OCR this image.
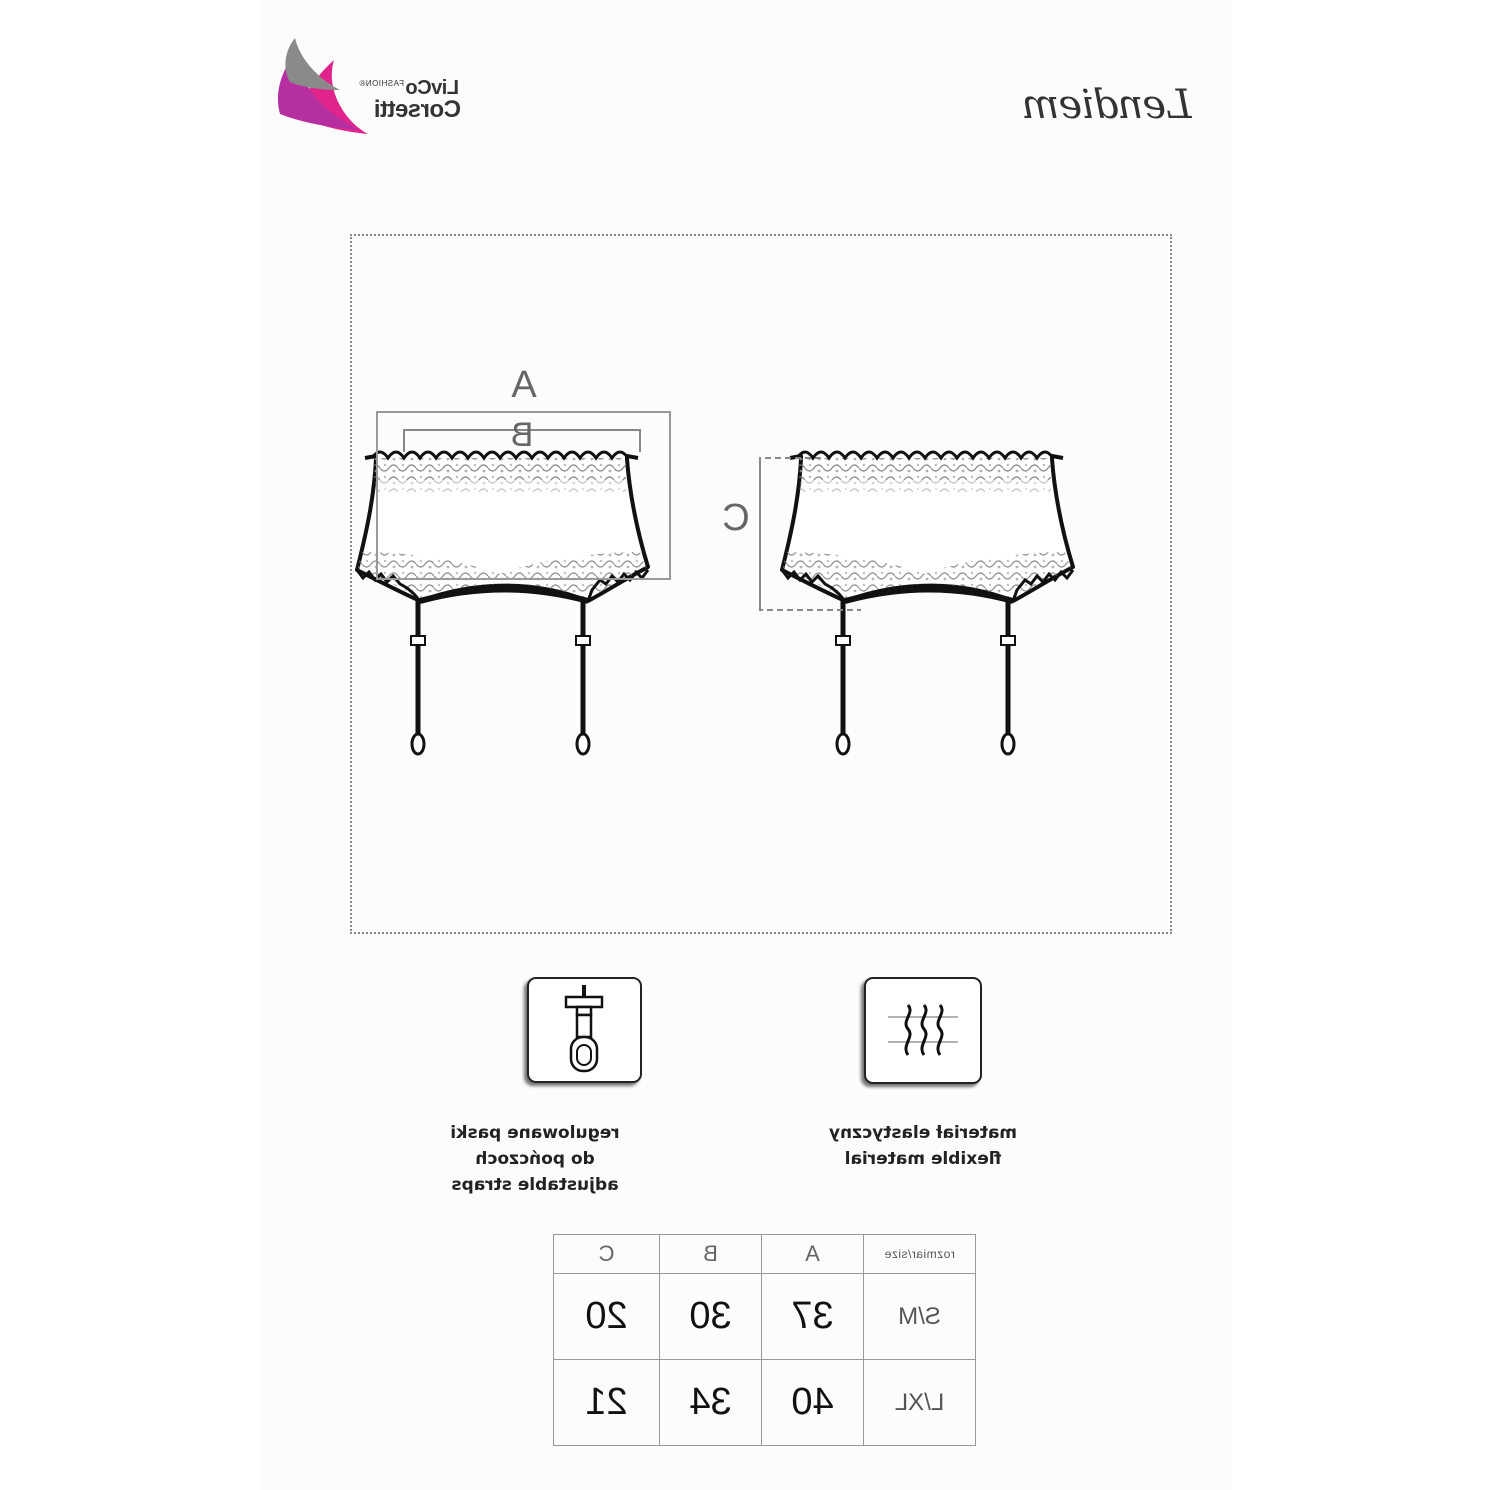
Lendiem
LivCo$^{FASHION®}$
Corsetti
A
B
C
materiał elastyczny
flexible material
regulowane paski
do pończoch
adjustable straps
rozmiar/size	A	B	C
S/M	37	30	20
L/XL	40	34	21
